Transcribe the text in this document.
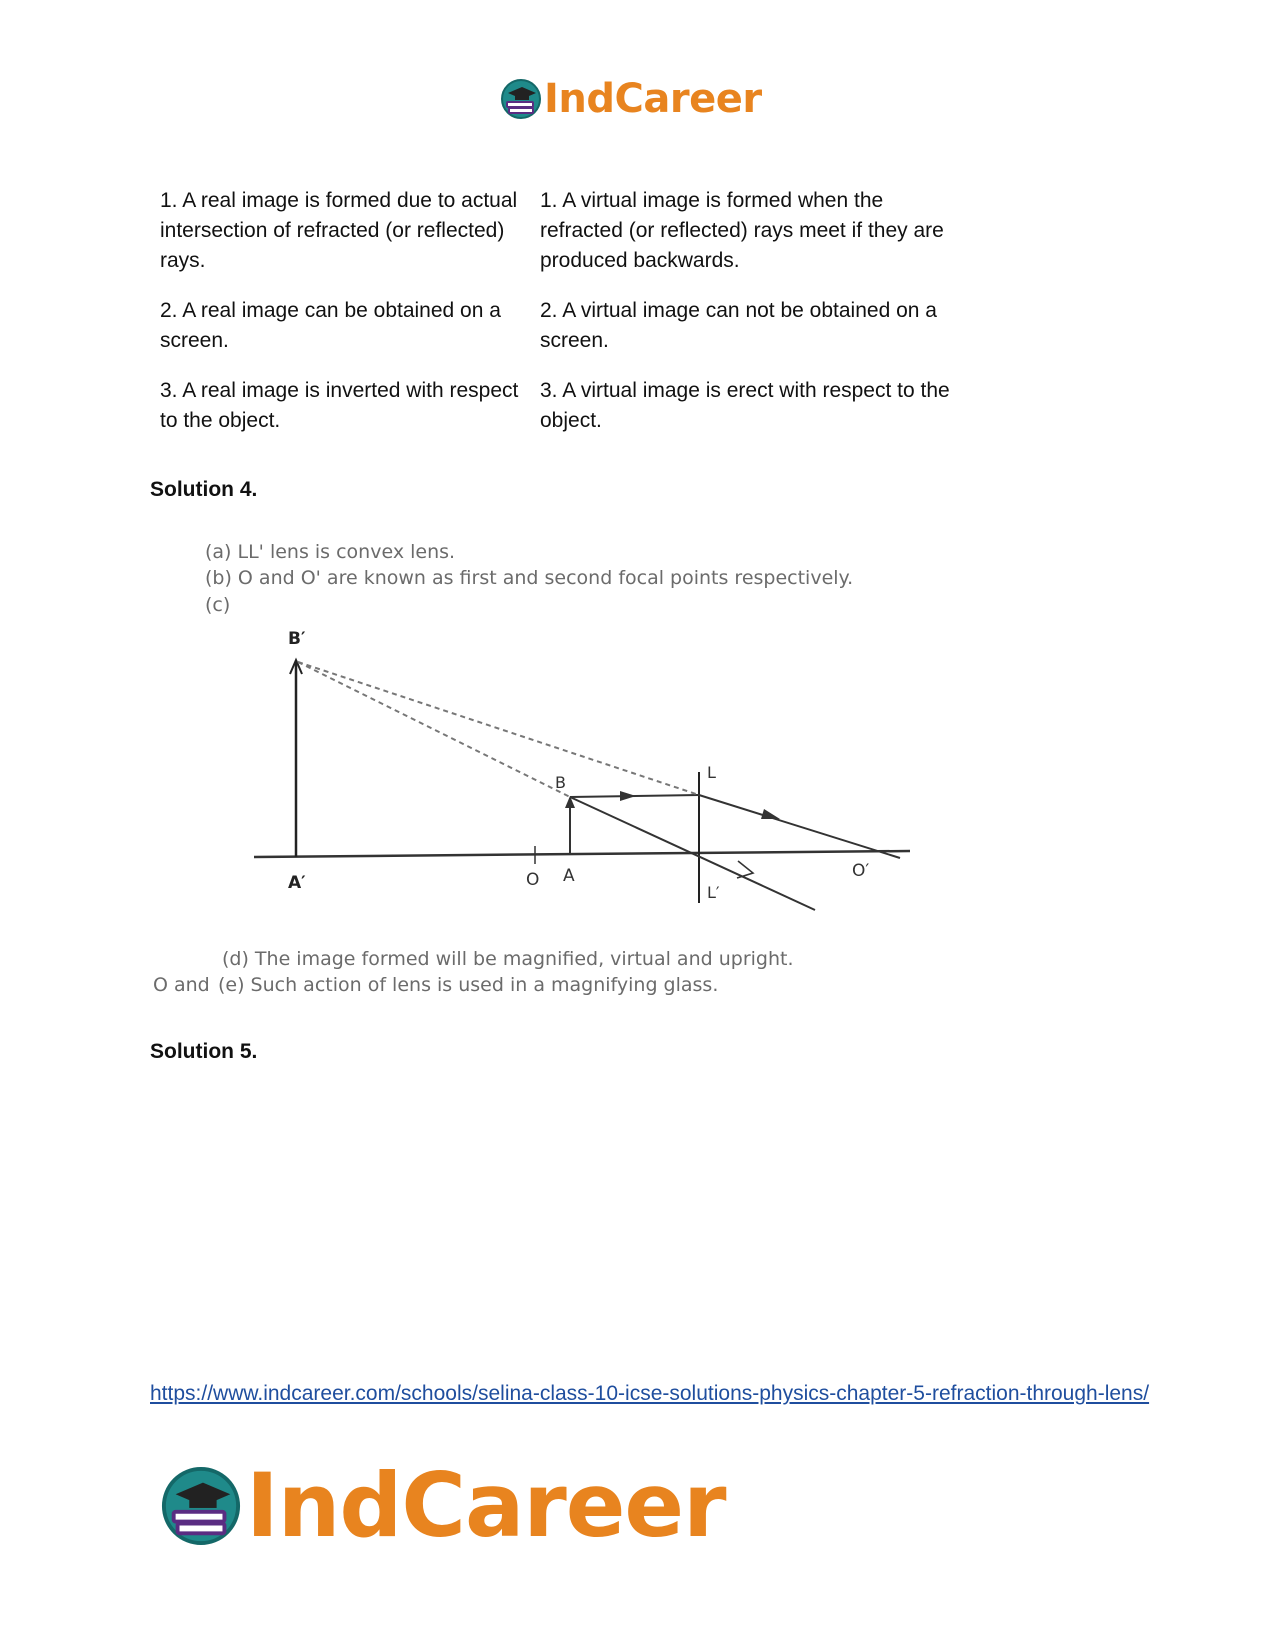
IndCareer
1. A real image is formed due to actual intersection of refracted (or reflected) rays.
1. A virtual image is formed when the refracted (or reflected) rays meet if they are produced backwards.
2. A real image can be obtained on a screen.
2. A virtual image can not be obtained on a screen.
3. A real image is inverted with respect to the object.
3. A virtual image is erect with respect to the object.
Solution 4.
(a) LL' lens is convex lens.
(b) O and O' are known as first and second focal points respectively.
(c)
B′
A′
B
O A
L
L′
O′
(d) The image formed will be magnified, virtual and upright.
O and (e) Such action of lens is used in a magnifying glass.
Solution 5.
https://www.indcareer.com/schools/selina-class-10-icse-solutions-physics-chapter-5-refraction-through-lens/
IndCareer
